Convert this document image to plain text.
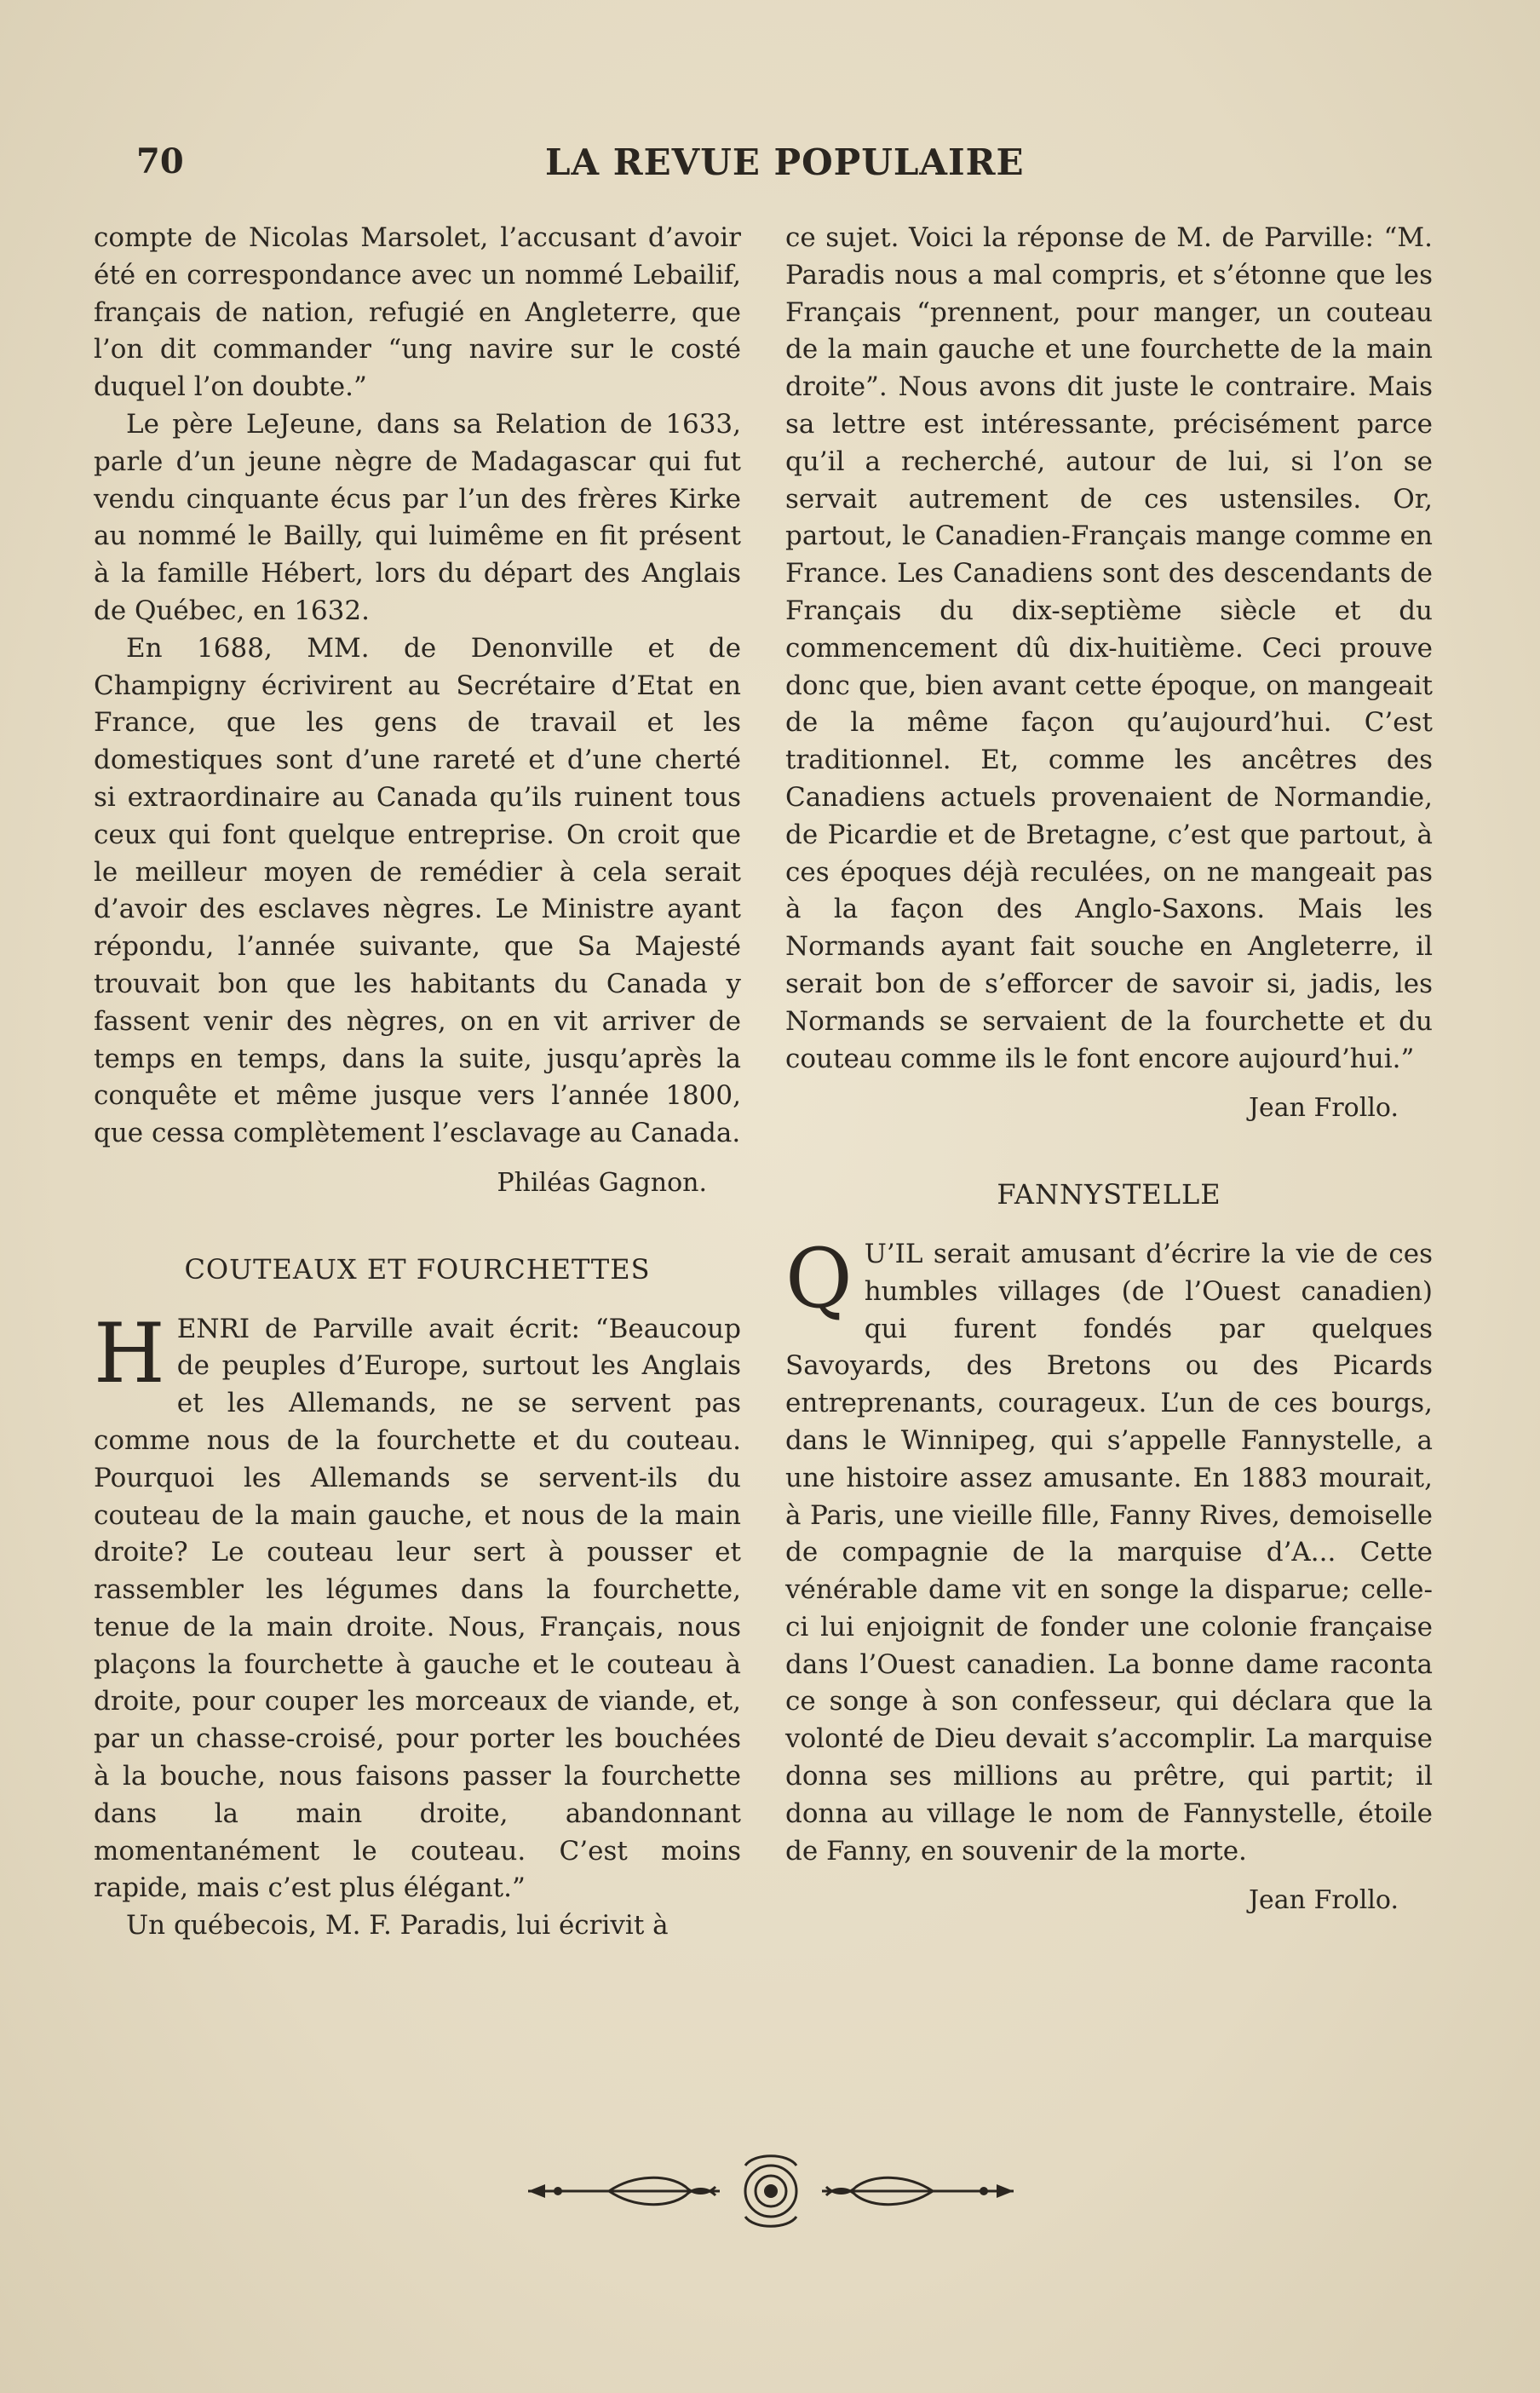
70	LA REVUE POPULAIRE

compte de Nicolas Marsolet, l’accusant d’avoir été en correspondance avec un nommé Lebailif, français de nation, refugié en Angleterre, que l’on dit commander “ung navire sur le costé duquel l’on doubte.”

Le père LeJeune, dans sa Relation de 1633, parle d’un jeune nègre de Madagascar qui fut vendu cinquante écus par l’un des frères Kirke au nommé le Bailly, qui luimême en fit présent à la famille Hébert, lors du départ des Anglais de Québec, en 1632.

En 1688, MM. de Denonville et de Champigny écrivirent au Secrétaire d’Etat en France, que les gens de travail et les domestiques sont d’une rareté et d’une cherté si extraordinaire au Canada qu’ils ruinent tous ceux qui font quelque entreprise. On croit que le meilleur moyen de remédier à cela serait d’avoir des esclaves nègres. Le Ministre ayant répondu, l’année suivante, que Sa Majesté trouvait bon que les habitants du Canada y fassent venir des nègres, on en vit arriver de temps en temps, dans la suite, jusqu’après la conquête et même jusque vers l’année 1800, que cessa complètement l’esclavage au Canada.

Philéas Gagnon.

COUTEAUX ET FOURCHETTES

HENRI de Parville avait écrit: “Beaucoup de peuples d’Europe, surtout les Anglais et les Allemands, ne se servent pas comme nous de la fourchette et du couteau. Pourquoi les Allemands se servent-ils du couteau de la main gauche, et nous de la main droite? Le couteau leur sert à pousser et rassembler les légumes dans la fourchette, tenue de la main droite. Nous, Français, nous plaçons la fourchette à gauche et le couteau à droite, pour couper les morceaux de viande, et, par un chasse-croisé, pour porter les bouchées à la bouche, nous faisons passer la fourchette dans la main droite, abandonnant momentanément le couteau. C’est moins rapide, mais c’est plus élégant.”

Un québecois, M. F. Paradis, lui écrivit à

ce sujet. Voici la réponse de M. de Parville: “M. Paradis nous a mal compris, et s’étonne que les Français “prennent, pour manger, un couteau de la main gauche et une fourchette de la main droite”. Nous avons dit juste le contraire. Mais sa lettre est intéressante, précisément parce qu’il a recherché, autour de lui, si l’on se servait autrement de ces ustensiles. Or, partout, le Canadien-Français mange comme en France. Les Canadiens sont des descendants de Français du dix-septième siècle et du commencement dû dix-huitième. Ceci prouve donc que, bien avant cette époque, on mangeait de la même façon qu’aujourd’hui. C’est traditionnel. Et, comme les ancêtres des Canadiens actuels provenaient de Normandie, de Picardie et de Bretagne, c’est que partout, à ces époques déjà reculées, on ne mangeait pas à la façon des Anglo-Saxons. Mais les Normands ayant fait souche en Angleterre, il serait bon de s’efforcer de savoir si, jadis, les Normands se servaient de la fourchette et du couteau comme ils le font encore aujourd’hui.”

Jean Frollo.

FANNYSTELLE

Q U’IL serait amusant d’écrire la vie de ces humbles villages (de l’Ouest canadien) qui furent fondés par quelques Savoyards, des Bretons ou des Picards entreprenants, courageux. L’un de ces bourgs, dans le Winnipeg, qui s’appelle Fannystelle, a une histoire assez amusante. En 1883 mourait, à Paris, une vieille fille, Fanny Rives, demoiselle de compagnie de la marquise d’A... Cette vénérable dame vit en songe la disparue; celle-ci lui enjoignit de fonder une colonie française dans l’Ouest canadien. La bonne dame raconta ce songe à son confesseur, qui déclara que la volonté de Dieu devait s’accomplir. La marquise donna ses millions au prêtre, qui partit; il donna au village le nom de Fannystelle, étoile de Fanny, en souvenir de la morte.

Jean Frollo.
